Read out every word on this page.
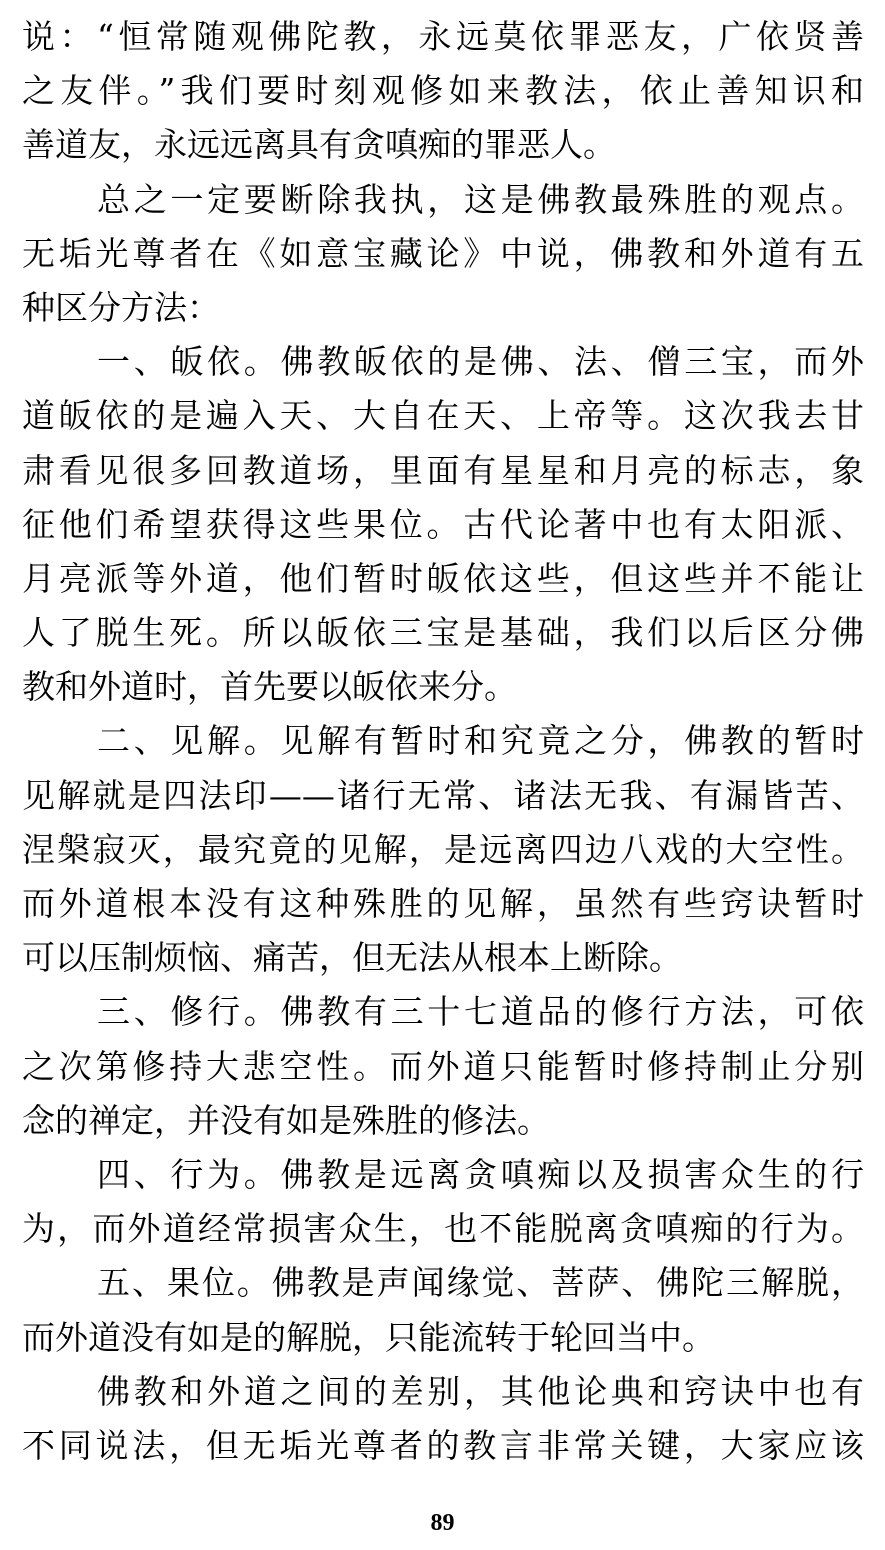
说：“恒常随观佛陀教，永远莫依罪恶友，广依贤善
之友伴。”我们要时刻观修如来教法，依止善知识和
善道友，永远远离具有贪嗔痴的罪恶人。
总之一定要断除我执，这是佛教最殊胜的观点。
无垢光尊者在《如意宝藏论》中说，佛教和外道有五
种区分方法：
一、皈依。佛教皈依的是佛、法、僧三宝，而外
道皈依的是遍入天、大自在天、上帝等。这次我去甘
肃看见很多回教道场，里面有星星和月亮的标志，象
征他们希望获得这些果位。古代论著中也有太阳派、
月亮派等外道，他们暂时皈依这些，但这些并不能让
人了脱生死。所以皈依三宝是基础，我们以后区分佛
教和外道时，首先要以皈依来分。
二、见解。见解有暂时和究竟之分，佛教的暂时
见解就是四法印——诸行无常、诸法无我、有漏皆苦、
涅槃寂灭，最究竟的见解，是远离四边八戏的大空性。
而外道根本没有这种殊胜的见解，虽然有些窍诀暂时
可以压制烦恼、痛苦，但无法从根本上断除。
三、修行。佛教有三十七道品的修行方法，可依
之次第修持大悲空性。而外道只能暂时修持制止分别
念的禅定，并没有如是殊胜的修法。
四、行为。佛教是远离贪嗔痴以及损害众生的行
为，而外道经常损害众生，也不能脱离贪嗔痴的行为。
五、果位。佛教是声闻缘觉、菩萨、佛陀三解脱，
而外道没有如是的解脱，只能流转于轮回当中。
佛教和外道之间的差别，其他论典和窍诀中也有
不同说法，但无垢光尊者的教言非常关键，大家应该
89
